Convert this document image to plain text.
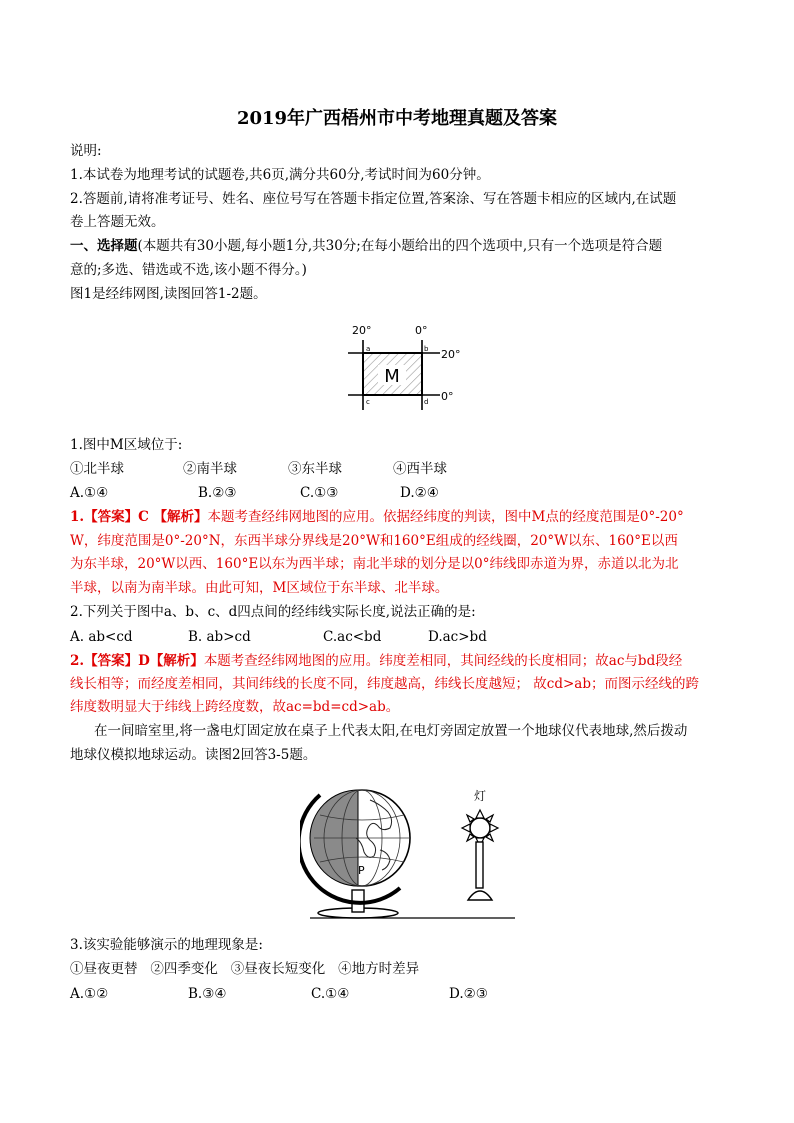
2019年广西梧州市中考地理真题及答案
说明:
1.本试卷为地理考试的试题卷,共6页,满分共60分,考试时间为60分钟。
2.答题前,请将准考证号、姓名、座位号写在答题卡指定位置,答案涂、写在答题卡相应的区域内,在试题
卷上答题无效。
一、选择题(本题共有30小题,每小题1分,共30分;在每小题给出的四个选项中,只有一个选项是符合题
意的;多选、错选或不选,该小题不得分。)
图1是经纬网图,读图回答1-2题。
M
20°	0°
20°
0°
a	b
c	d
1.图中M区域位于:
①北半球	②南半球	③东半球	④西半球
A.①④	B.②③	C.①③	D.②④
1.【答案】C 【解析】本题考查经纬网地图的应用。依据经纬度的判读，图中M点的经度范围是0°-20°
W，纬度范围是0°-20°N，东西半球分界线是20°W和160°E组成的经线圈，20°W以东、160°E以西
为东半球，20°W以西、160°E以东为西半球；南北半球的划分是以0°纬线即赤道为界，赤道以北为北
半球，以南为南半球。由此可知，M区域位于东半球、北半球。
2.下列关于图中a、b、c、d四点间的经纬线实际长度,说法正确的是:
A. ab<cd	B. ab>cd	C.ac<bd	D.ac>bd
2.【答案】D【解析】本题考查经纬网地图的应用。纬度差相同，其间经线的长度相同；故ac与bd段经
线长相等；而经度差相同，其间纬线的长度不同，纬度越高，纬线长度越短； 故cd>ab；而图示经线的跨
纬度数明显大于纬线上跨经度数，故ac=bd=cd>ab。
在一间暗室里,将一盏电灯固定放在桌子上代表太阳,在电灯旁固定放置一个地球仪代表地球,然后拨动
地球仪模拟地球运动。读图2回答3-5题。
P
灯
3.该实验能够演示的地理现象是:
①昼夜更替   ②四季变化   ③昼夜长短变化   ④地方时差异
A.①②	B.③④	C.①④	D.②③
